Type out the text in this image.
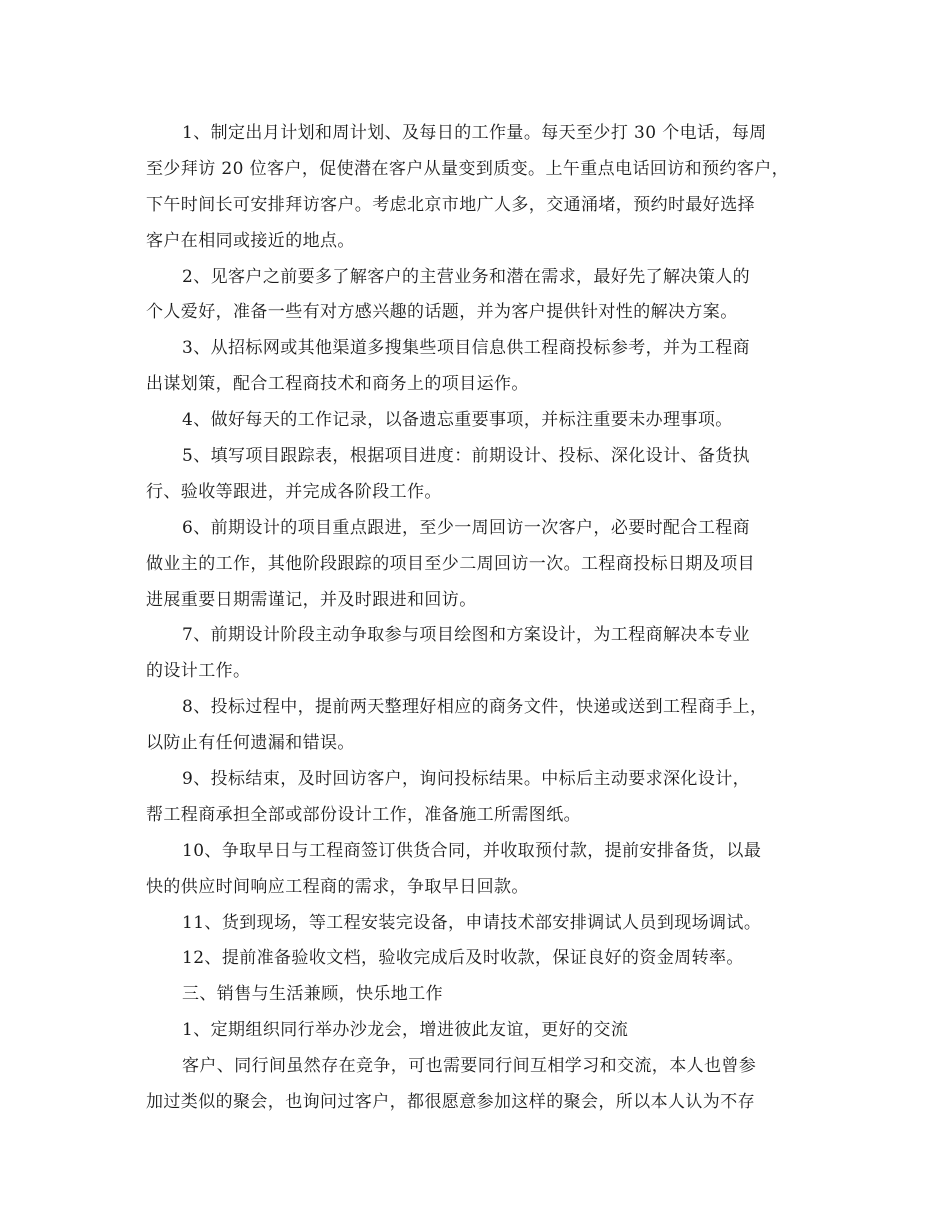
1、制定出月计划和周计划、及每日的工作量。每天至少打 30 个电话，每周
至少拜访 20 位客户，促使潜在客户从量变到质变。上午重点电话回访和预约客户，
下午时间长可安排拜访客户。考虑北京市地广人多，交通涌堵，预约时最好选择
客户在相同或接近的地点。
2、见客户之前要多了解客户的主营业务和潜在需求，最好先了解决策人的
个人爱好，准备一些有对方感兴趣的话题，并为客户提供针对性的解决方案。
3、从招标网或其他渠道多搜集些项目信息供工程商投标参考，并为工程商
出谋划策，配合工程商技术和商务上的项目运作。
4、做好每天的工作记录，以备遗忘重要事项，并标注重要未办理事项。
5、填写项目跟踪表，根据项目进度：前期设计、投标、深化设计、备货执
行、验收等跟进，并完成各阶段工作。
6、前期设计的项目重点跟进，至少一周回访一次客户，必要时配合工程商
做业主的工作，其他阶段跟踪的项目至少二周回访一次。工程商投标日期及项目
进展重要日期需谨记，并及时跟进和回访。
7、前期设计阶段主动争取参与项目绘图和方案设计，为工程商解决本专业
的设计工作。
8、投标过程中，提前两天整理好相应的商务文件，快递或送到工程商手上，
以防止有任何遗漏和错误。
9、投标结束，及时回访客户，询问投标结果。中标后主动要求深化设计，
帮工程商承担全部或部份设计工作，准备施工所需图纸。
10、争取早日与工程商签订供货合同，并收取预付款，提前安排备货，以最
快的供应时间响应工程商的需求，争取早日回款。
11、货到现场，等工程安装完设备，申请技术部安排调试人员到现场调试。
12、提前准备验收文档，验收完成后及时收款，保证良好的资金周转率。
三、销售与生活兼顾，快乐地工作
1、定期组织同行举办沙龙会，增进彼此友谊，更好的交流
客户、同行间虽然存在竞争，可也需要同行间互相学习和交流，本人也曾参
加过类似的聚会，也询问过客户，都很愿意参加这样的聚会，所以本人认为不存
